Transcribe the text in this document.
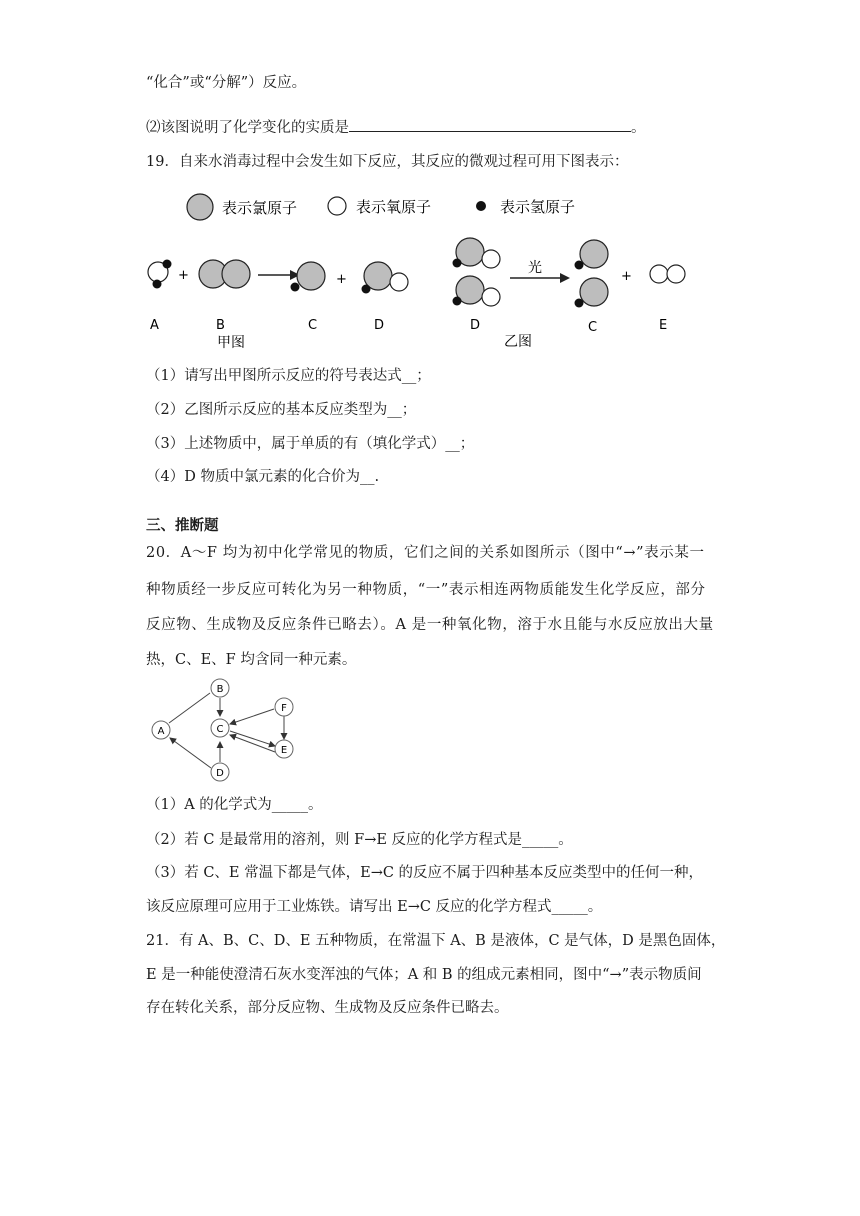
“化合”或“分解”）反应。
⑵该图说明了化学变化的实质是	。
19．自来水消毒过程中会发生如下反应，其反应的微观过程可用下图表示：
表示氯原子	表示氧原子	表示氢原子
+	+
A	B	C	D
甲图
光
+
D	C	E
乙图
（1）请写出甲图所示反应的符号表达式__；
（2）乙图所示反应的基本反应类型为__；
（3）上述物质中，属于单质的有（填化学式）__；
（4）D 物质中氯元素的化合价为__.
三、推断题
20．A～F 均为初中化学常见的物质，它们之间的关系如图所示（图中“→”表示某一
种物质经一步反应可转化为另一种物质，“一”表示相连两物质能发生化学反应，部分
反应物、生成物及反应条件已略去）。A 是一种氧化物，溶于水且能与水反应放出大量
热，C、E、F 均含同一种元素。
A
B
C
D
E
F
（1）A 的化学式为_____。
（2）若 C 是最常用的溶剂，则 F→E 反应的化学方程式是_____。
（3）若 C、E 常温下都是气体，E→C 的反应不属于四种基本反应类型中的任何一种，
该反应原理可应用于工业炼铁。请写出 E→C 反应的化学方程式_____。
21．有 A、B、C、D、E 五种物质，在常温下 A、B 是液体，C 是气体，D 是黑色固体，
E 是一种能使澄清石灰水变浑浊的气体；A 和 B 的组成元素相同，图中“→”表示物质间
存在转化关系，部分反应物、生成物及反应条件已略去。
